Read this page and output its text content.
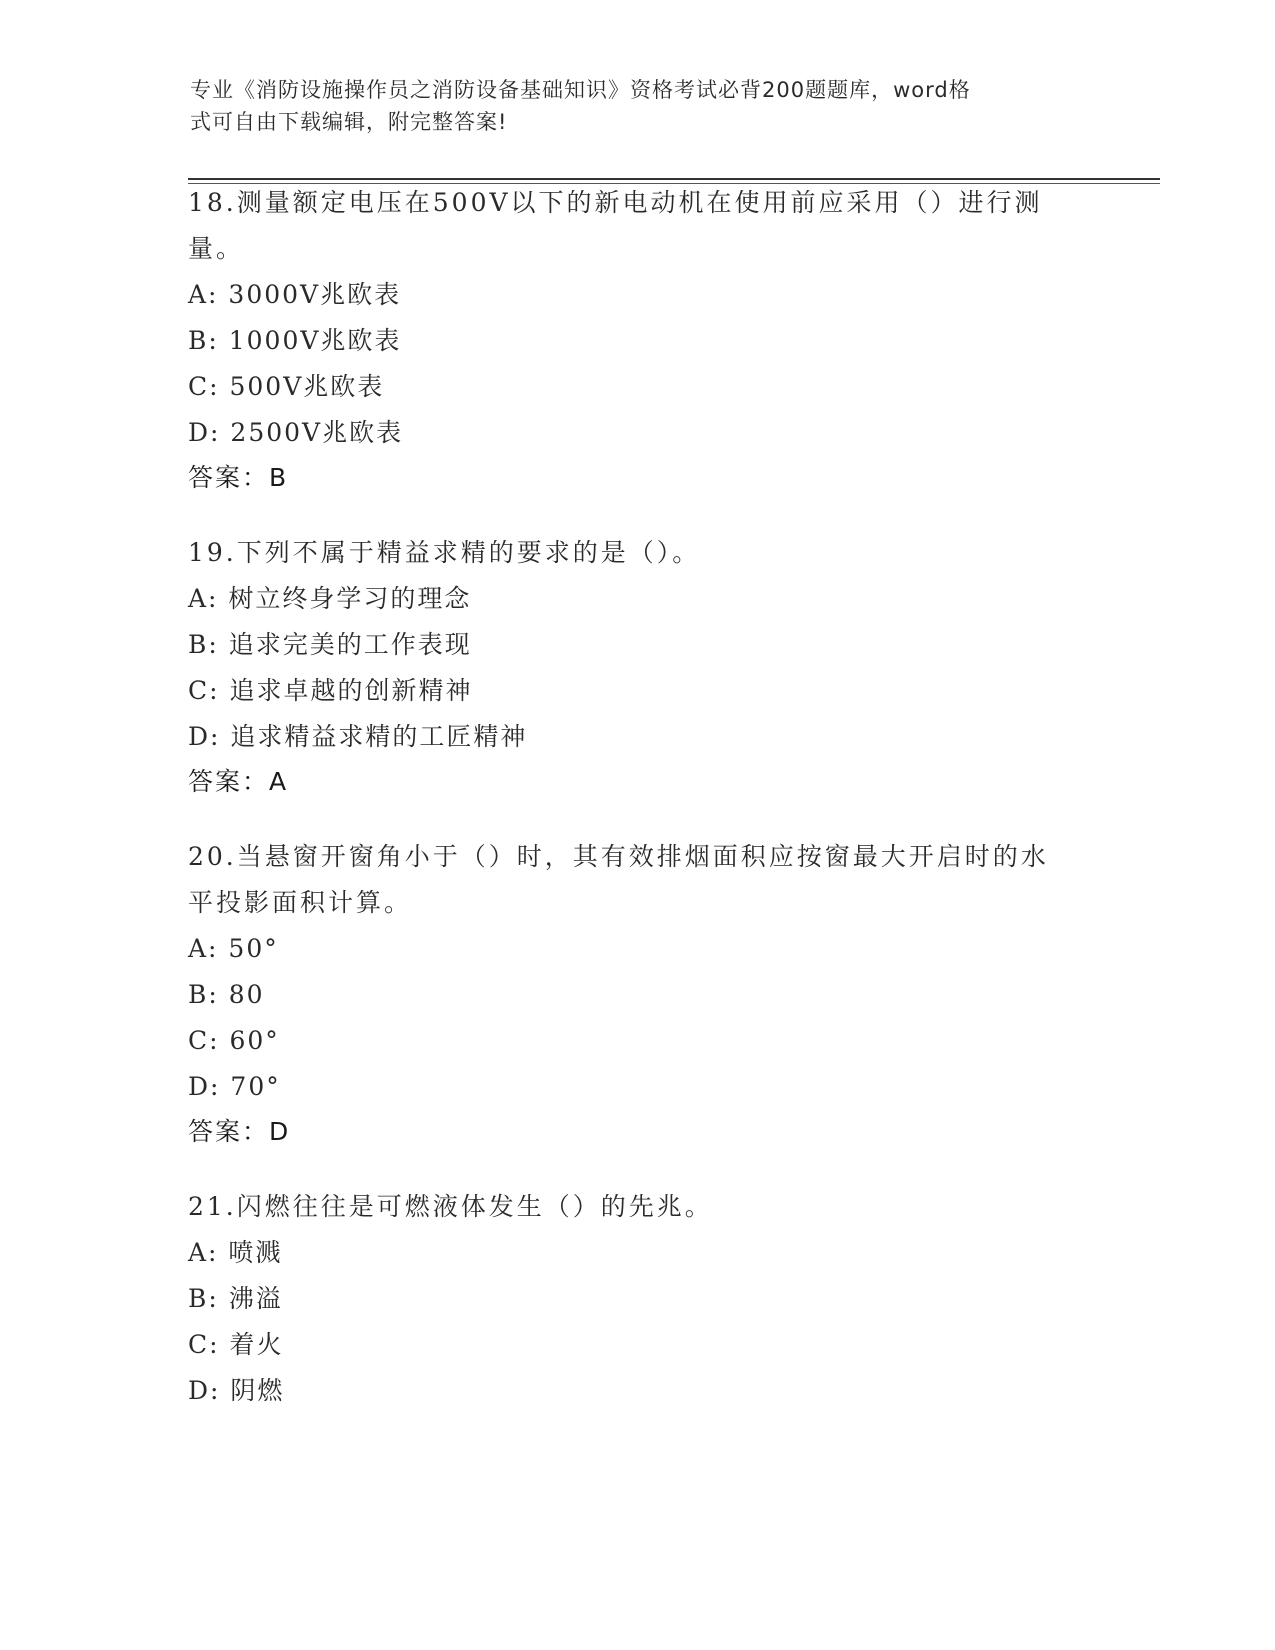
专业《消防设施操作员之消防设备基础知识》资格考试必背200题题库，word格
式可自由下载编辑，附完整答案!
18.测量额定电压在500V以下的新电动机在使用前应采用（）进行测
量。
A: 3000V兆欧表
B: 1000V兆欧表
C: 500V兆欧表
D: 2500V兆欧表
答案：B
19.下列不属于精益求精的要求的是（）。
A: 树立终身学习的理念
B: 追求完美的工作表现
C: 追求卓越的创新精神
D: 追求精益求精的工匠精神
答案：A
20.当悬窗开窗角小于（）时，其有效排烟面积应按窗最大开启时的水
平投影面积计算。
A: 50°
B: 80
C: 60°
D: 70°
答案：D
21.闪燃往往是可燃液体发生（）的先兆。
A: 喷溅
B: 沸溢
C: 着火
D: 阴燃
